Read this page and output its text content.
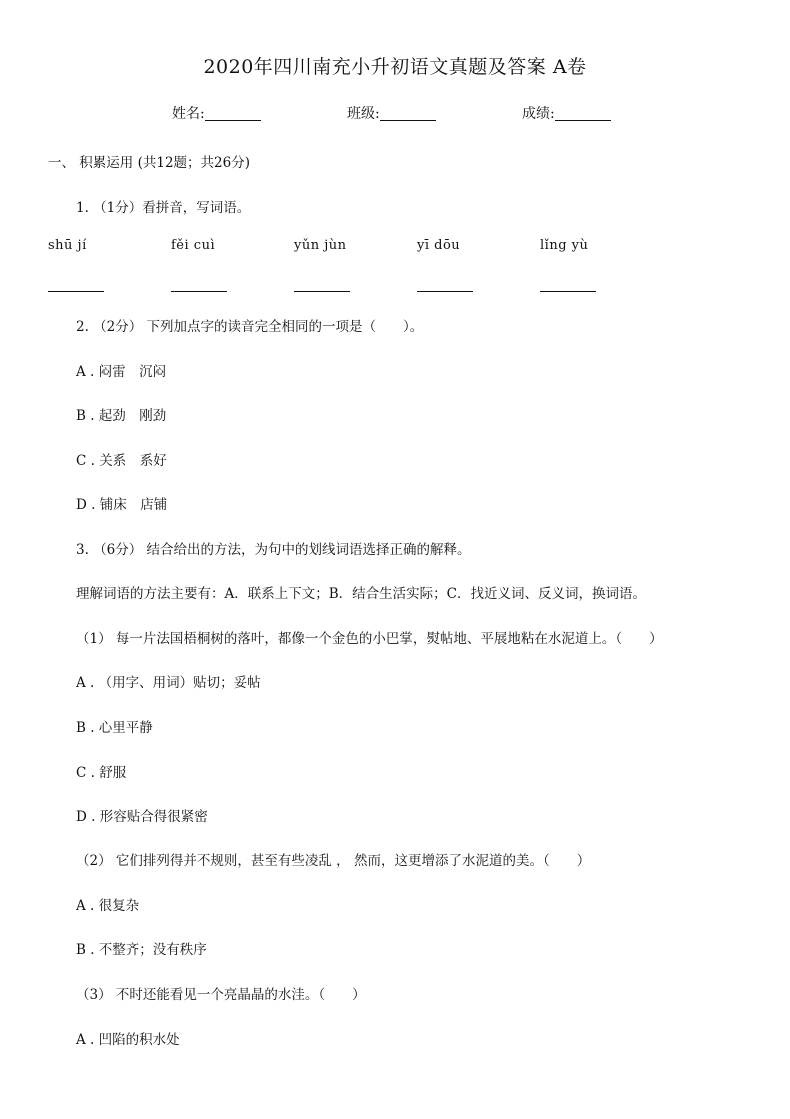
2020年四川南充小升初语文真题及答案 A卷
姓名:	班级:	成绩:
一、 积累运用 (共12题；共26分)
1. （1分）看拼音，写词语。
shū jí	fěi cuì	yǔn jùn	yī dōu	lǐng yù
2. （2分） 下列加点字的读音完全相同的一项是（　　）。
A . 闷雷　沉闷
B . 起劲　刚劲
C . 关系　系好
D . 铺床　店铺
3. （6分） 结合给出的方法，为句中的划线词语选择正确的解释。
理解词语的方法主要有：A．联系上下文；B．结合生活实际；C．找近义词、反义词，换词语。
（1） 每一片法国梧桐树的落叶，都像一个金色的小巴掌，熨帖地、平展地粘在水泥道上。（　　）
A . （用字、用词）贴切；妥帖
B . 心里平静
C . 舒服
D . 形容贴合得很紧密
（2） 它们排列得并不规则，甚至有些凌乱 ， 然而，这更增添了水泥道的美。（　　）
A . 很复杂
B . 不整齐；没有秩序
（3） 不时还能看见一个亮晶晶的水洼。（　　）
A . 凹陷的积水处
